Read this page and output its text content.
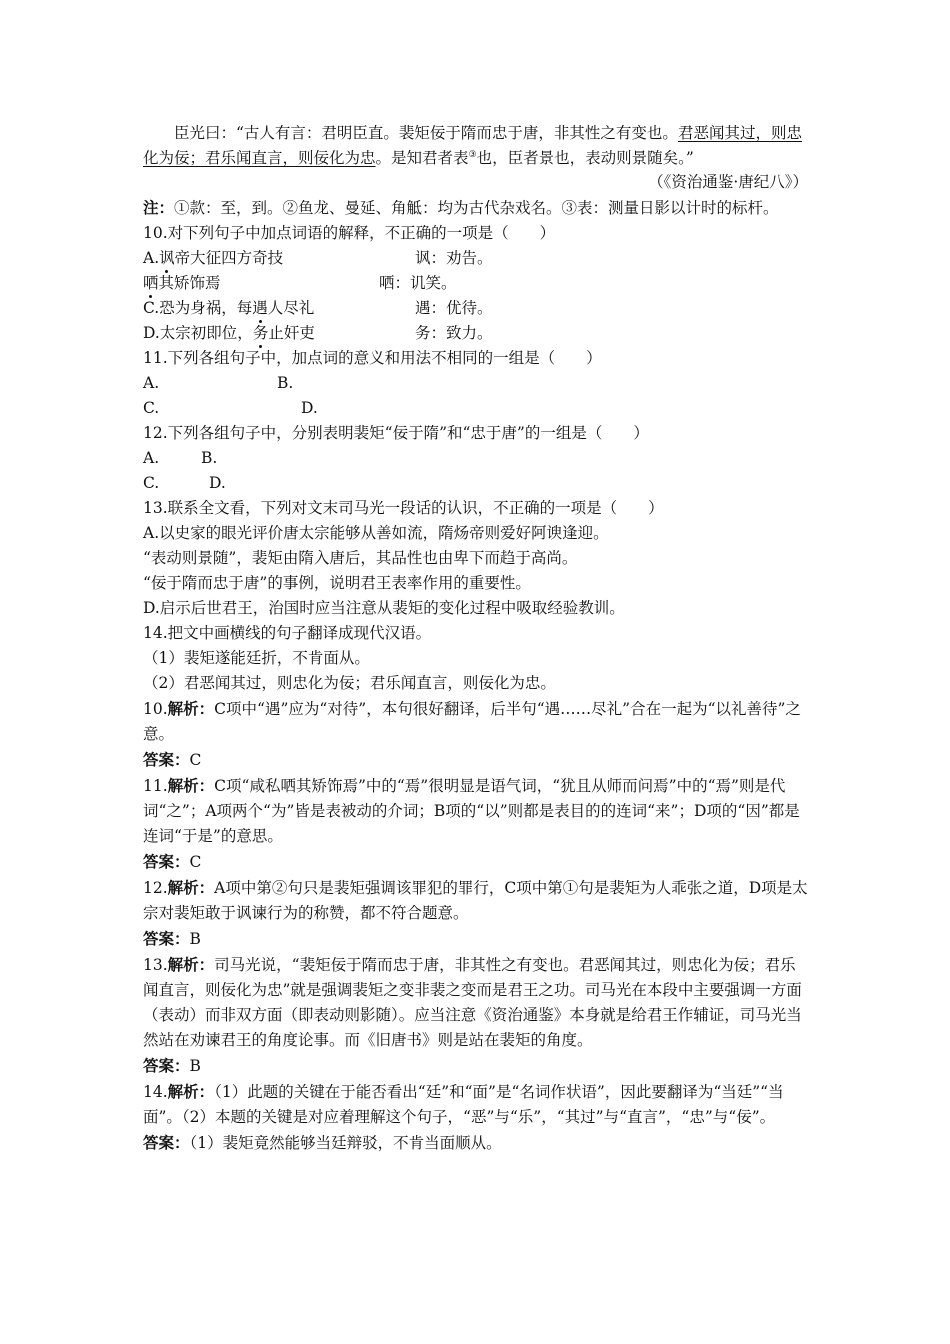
臣光曰：“古人有言：君明臣直。裴矩佞于隋而忠于唐，非其性之有变也。君恶闻其过，则忠化为佞；君乐闻直言，则佞化为忠。是知君者表③也，臣者景也，表动则景随矣。”

（《资治通鉴·唐纪八》）

注：①款：至，到。②鱼龙、曼延、角觝：均为古代杂戏名。③表：测量日影以计时的标杆。

10.对下列句子中加点词语的解释，不正确的一项是（　　）

A.讽帝大征四方奇技	讽：劝告。
哂其矫饰焉	哂：讥笑。
C.恐为身祸，每遇人尽礼	遇：优待。
D.太宗初即位，务止奸吏	务：致力。

11.下列各组句子中，加点词的意义和用法不相同的一组是（　　）

A.	B.
C.	D.

12.下列各组句子中，分别表明裴矩“佞于隋”和“忠于唐”的一组是（　　）

A.	B.
C.	D.

13.联系全文看，下列对文末司马光一段话的认识，不正确的一项是（　　）

A.以史家的眼光评价唐太宗能够从善如流，隋炀帝则爱好阿谀逢迎。

“表动则景随”，裴矩由隋入唐后，其品性也由卑下而趋于高尚。

“佞于隋而忠于唐”的事例，说明君王表率作用的重要性。

D.启示后世君王，治国时应当注意从裴矩的变化过程中吸取经验教训。

14.把文中画横线的句子翻译成现代汉语。

（1）裴矩遂能廷折，不肯面从。

（2）君恶闻其过，则忠化为佞；君乐闻直言，则佞化为忠。

10.解析：C项中“遇”应为“对待”，本句很好翻译，后半句“遇……尽礼”合在一起为“以礼善待”之意。

答案：C

11.解析：C项“咸私哂其矫饰焉”中的“焉”很明显是语气词，“犹且从师而问焉”中的“焉”则是代词“之”；A项两个“为”皆是表被动的介词；B项的“以”则都是表目的的连词“来”；D项的“因”都是连词“于是”的意思。

答案：C

12.解析：A项中第②句只是裴矩强调该罪犯的罪行，C项中第①句是裴矩为人乖张之道，D项是太宗对裴矩敢于讽谏行为的称赞，都不符合题意。

答案：B

13.解析：司马光说，“裴矩佞于隋而忠于唐，非其性之有变也。君恶闻其过，则忠化为佞；君乐闻直言，则佞化为忠”就是强调裴矩之变非裴之变而是君王之功。司马光在本段中主要强调一方面（表动）而非双方面（即表动则影随）。应当注意《资治通鉴》本身就是给君王作辅证，司马光当然站在劝谏君王的角度论事。而《旧唐书》则是站在裴矩的角度。

答案：B

14.解析：（1）此题的关键在于能否看出“廷”和“面”是“名词作状语”，因此要翻译为“当廷”“当面”。（2）本题的关键是对应着理解这个句子，“恶”与“乐”，“其过”与“直言”，“忠”与“佞”。

答案：（1）裴矩竟然能够当廷辩驳，不肯当面顺从。
